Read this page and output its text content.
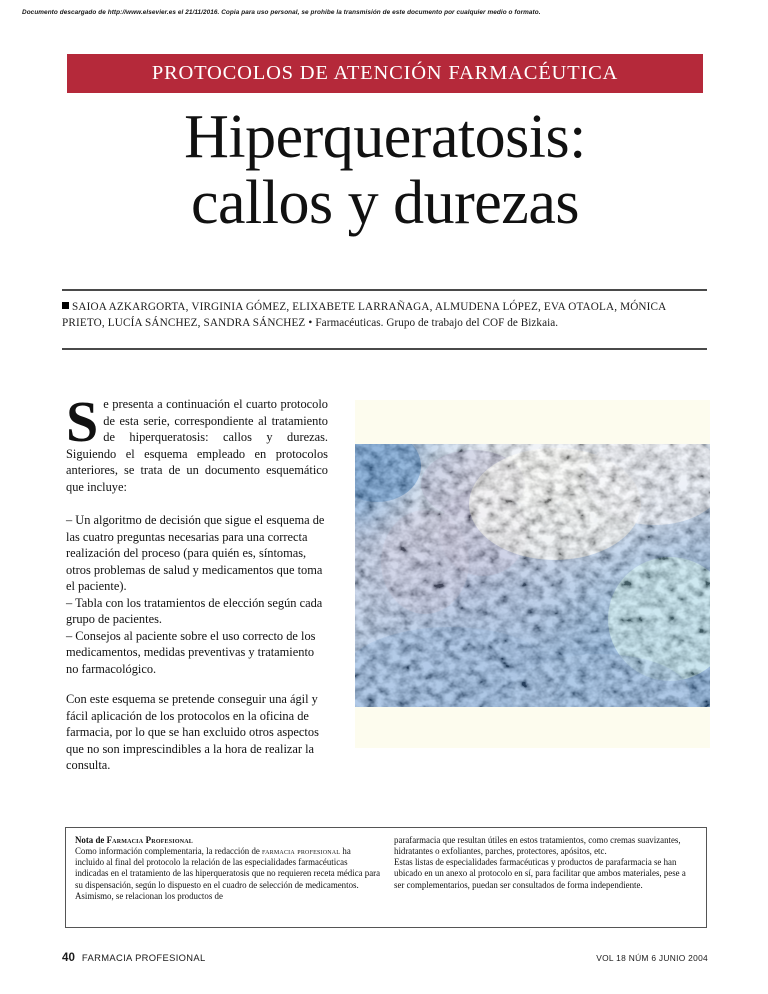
Documento descargado de http://www.elsevier.es el 21/11/2016. Copia para uso personal, se prohibe la transmisión de este documento por cualquier medio o formato.
PROTOCOLOS DE ATENCIÓN FARMACÉUTICA
Hiperqueratosis:
callos y durezas
SAIOA AZKARGORTA, VIRGINIA GÓMEZ, ELIXABETE LARRAÑAGA, ALMUDENA LÓPEZ, EVA OTAOLA, MÓNICA PRIETO, LUCÍA SÁNCHEZ, SANDRA SÁNCHEZ • Farmacéuticas. Grupo de trabajo del COF de Bizkaia.

Se presenta a continuación el cuarto protocolo de esta serie, correspondiente al tratamiento de hiperqueratosis: callos y durezas. Siguiendo el esquema empleado en protocolos anteriores, se trata de un documento esquemático que incluye:

– Un algoritmo de decisión que sigue el esquema de las cuatro preguntas necesarias para una correcta realización del proceso (para quién es, síntomas, otros problemas de salud y medicamentos que toma el paciente).

– Tabla con los tratamientos de elección según cada grupo de pacientes.

– Consejos al paciente sobre el uso correcto de los medicamentos, medidas preventivas y tratamiento no farmacológico.

Con este esquema se pretende conseguir una ágil y fácil aplicación de los protocolos en la oficina de farmacia, por lo que se han excluido otros aspectos que no son imprescindibles a la hora de realizar la consulta.

Nota de Farmacia Profesional

Como información complementaria, la redacción de farmacia profesional ha incluido al final del protocolo la relación de las especialidades farmacéuticas indicadas en el tratamiento de las hiperqueratosis que no requieren receta médica para su dispensación, según lo dispuesto en el cuadro de selección de medicamentos. Asimismo, se relacionan los productos de

parafarmacia que resultan útiles en estos tratamientos, como cremas suavizantes, hidratantes o exfoliantes, parches, protectores, apósitos, etc.

Estas listas de especialidades farmacéuticas y productos de parafarmacia se han ubicado en un anexo al protocolo en sí, para facilitar que ambos materiales, pese a ser complementarios, puedan ser consultados de forma independiente.

40 FARMACIA PROFESIONAL	VOL 18 NÚM 6 JUNIO 2004
